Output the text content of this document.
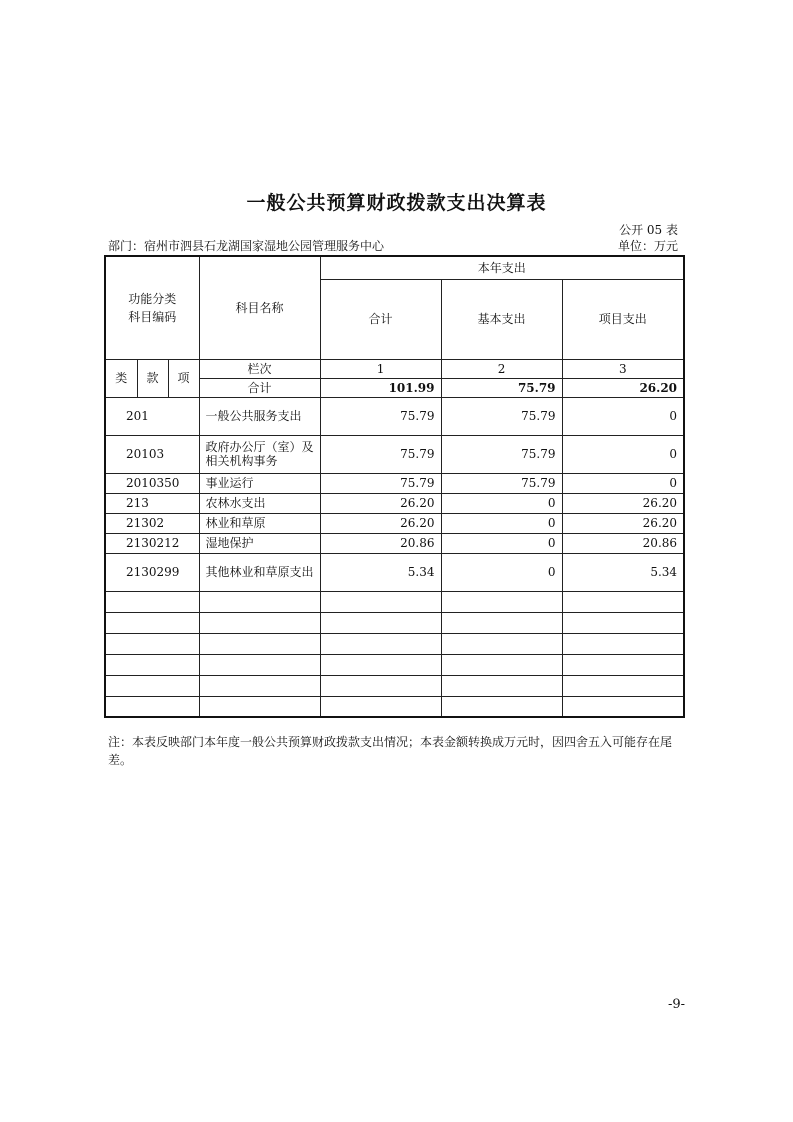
一般公共预算财政拨款支出决算表
公开 05 表
部门：宿州市泗县石龙湖国家湿地公园管理服务中心	单位：万元
功能分类
科目编码			科目名称	本年支出		
				合计	基本支出	项目支出

类	款	项	栏次	1	2	3
			合计	101.99	75.79	26.20
201			一般公共服务支出	75.79	75.79	0
20103			政府办公厅（室）及相关机构事务	75.79	75.79	0
2010350			事业运行	75.79	75.79	0
213			农林水支出	26.20	0	26.20
21302			林业和草原	26.20	0	26.20
2130212			湿地保护	20.86	0	20.86
2130299			其他林业和草原支出	5.34	0	5.34

注：本表反映部门本年度一般公共预算财政拨款支出情况；本表金额转换成万元时，因四舍五入可能存在尾差。
-9-
